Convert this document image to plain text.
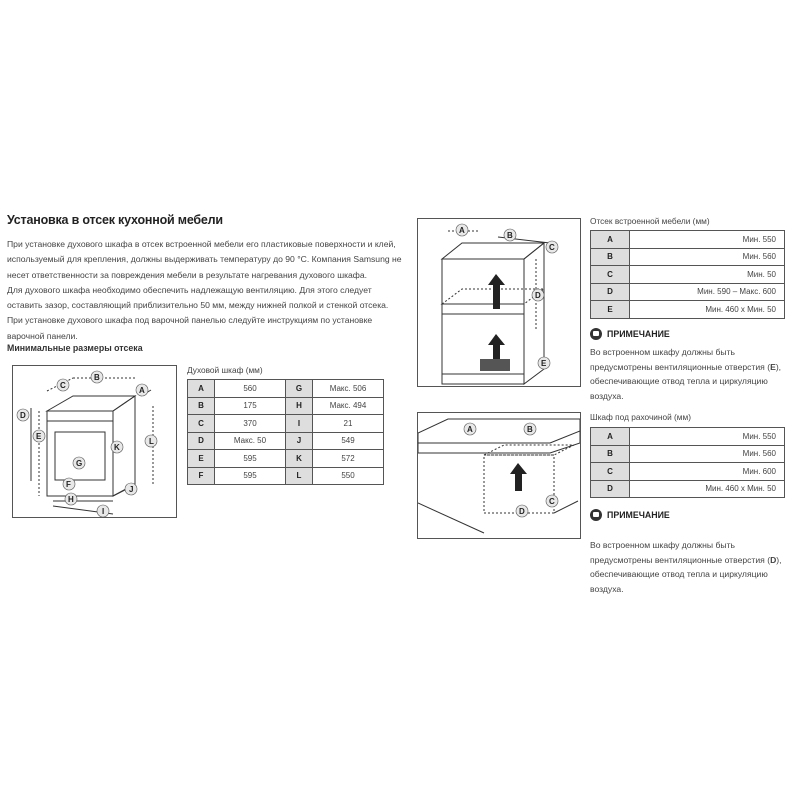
Установка в отсек кухонной мебели

При установке духового шкафа в отсек встроенной мебели его пластиковые поверхности и клей, используемый для крепления, должны выдерживать температуру до 90 °C. Компания Samsung не несет ответственности за повреждения мебели в результате нагревания духового шкафа.

Для духового шкафа необходимо обеспечить надлежащую вентиляцию. Для этого следует оставить зазор, составляющий приблизительно 50 мм, между нижней полкой и стенкой отсека.

При установке духового шкафа под варочной панелью следуйте инструкциям по установке варочной панели.

Минимальные размеры отсека
C
B
A
D
E
G
K
L
F
H
J
I
Духовой шкаф (мм)
A	560	G	Макс. 506
B	175	H	Макс. 494
C	370	I	21
D	Макс. 50	J	549
E	595	K	572
F	595	L	550
A
B
C
D
E
Отсек встроенной мебели (мм)
A	Мин. 550
B	Мин. 560
C	Мин. 50
D	Мин. 590 – Макс. 600
E	Мин. 460 x Мин. 50
ПРИМЕЧАНИЕ
Во встроенном шкафу должны быть предусмотрены вентиляционные отверстия (E), обеспечивающие отвод тепла и циркуляцию воздуха.
A	B
C
D
Шкаф под рахочиной (мм)
A	Мин. 550
B	Мин. 560
C	Мин. 600
D	Мин. 460 x Мин. 50
ПРИМЕЧАНИЕ
Во встроенном шкафу должны быть предусмотрены вентиляционные отверстия (D), обеспечивающие отвод тепла и циркуляцию воздуха.
